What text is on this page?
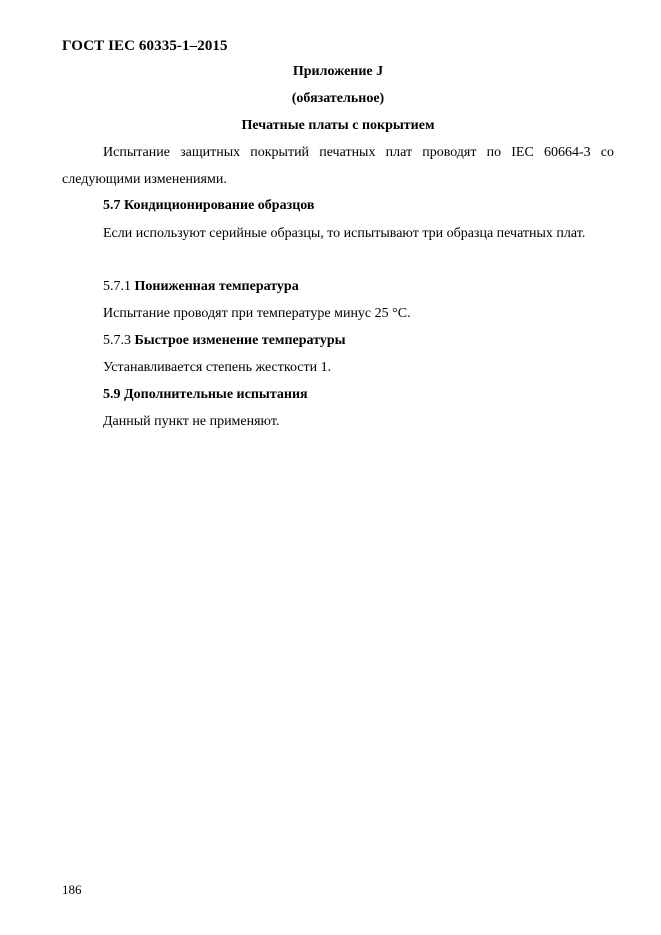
ГОСТ IEC 60335-1–2015
Приложение J
(обязательное)
Печатные платы с покрытием
Испытание защитных покрытий печатных плат проводят по IEC 60664-3 со следующими изменениями.
5.7 Кондиционирование образцов
Если используют серийные образцы, то испытывают три образца печатных плат.
5.7.1 Пониженная температура
Испытание проводят при температуре минус 25 °С.
5.7.3 Быстрое изменение температуры
Устанавливается степень жесткости 1.
5.9 Дополнительные испытания
Данный пункт не применяют.
186
